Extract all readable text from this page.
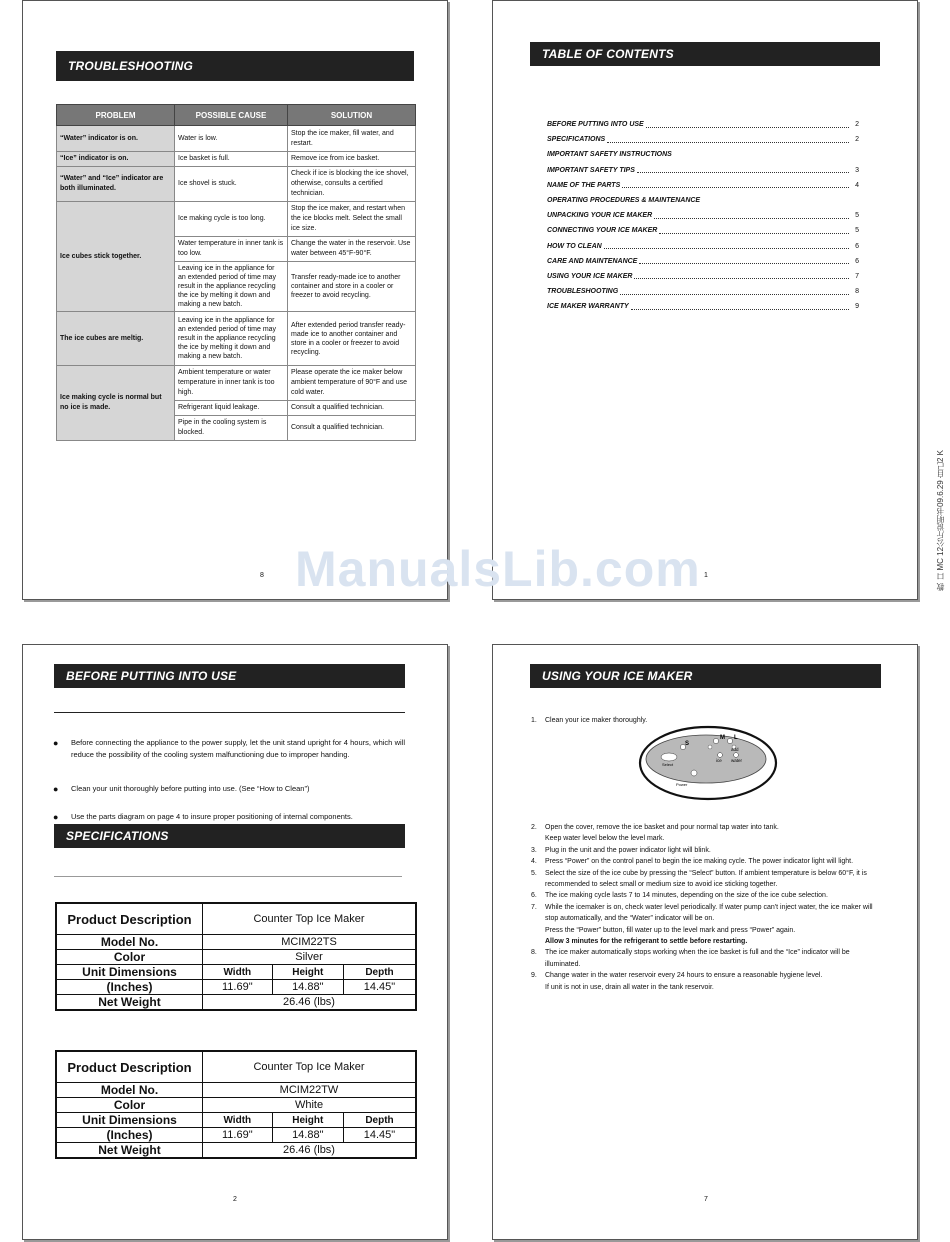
TROUBLESHOOTING
PROBLEM	POSSIBLE CAUSE	SOLUTION
“Water” indicator is on.	Water is low.	Stop the ice maker, fill water, and restart.
“Ice” indicator is on.	Ice basket is full.	Remove ice from ice basket.
“Water” and “Ice” indicator are both illuminated.	Ice shovel is stuck.	Check if ice is blocking the ice shovel, otherwise, consults a certified technician.
Ice cubes stick together.	Ice making cycle is too long.	Stop the ice maker, and restart when the ice blocks melt. Select the small ice size.
	Water temperature in inner tank is too low.	Change the water in the reservoir. Use water between 45°F-90°F.
	Leaving ice in the appliance for an extended period of time may result in the appliance recycling the ice by melting it down and making a new batch.	Transfer ready-made ice to another container and store in a cooler or freezer to avoid recycling.
The ice cubes are meltig.	Leaving ice in the appliance for an extended period of time may result in the appliance recycling the ice by melting it down and making a new batch.	After extended period transfer ready-made ice to another container and store in a cooler or freezer to avoid recycling.
Ice making cycle is normal but no ice is made.	Ambient temperature or water temperature in inner tank is too high.	Please operate the ice maker below ambient temperature of 90°F and use cold water.
	Refrigerant liquid leakage.	Consult a qualified technician.
	Pipe in the cooling system is blocked.	Consult a qualified technician.
8
TABLE OF CONTENTS
BEFORE PUTTING INTO USE	2
SPECIFICATIONS	2
IMPORTANT SAFETY INSTRUCTIONS
IMPORTANT SAFETY TIPS	3
NAME OF THE PARTS	4
OPERATING PROCEDURES & MAINTENANCE
UNPACKING YOUR ICE MAKER	5
CONNECTING YOUR ICE MAKER	5
HOW TO CLEAN	6
CARE AND MAINTENANCE	6
USING YOUR ICE MAKER	7
TROUBLESHOOTING	8
ICE MAKER WARRANTY	9
1
BEFORE PUTTING INTO USE
● Before connecting the appliance to the power supply, let the unit stand upright for 4 hours, which will reduce the possibility of the cooling system malfunctioning due to improper handing.
● Clean your unit thoroughly before putting into use. (See “How to Clean”)
● Use the parts diagram on page 4 to insure proper positioning of internal components.
SPECIFICATIONS
Product Description	Counter Top Ice Maker		
Model No.	MCIM22TS		
Color	Silver		
Unit Dimensions	Width	Height	Depth
(Inches)	11.69"	14.88"	14.45"
Net Weight	26.46 (lbs)		
Product Description	Counter Top Ice Maker		
Model No.	MCIM22TW		
Color	White		
Unit Dimensions	Width	Height	Depth
(Inches)	11.69"	14.88"	14.45"
Net Weight	26.46 (lbs)		
2
USING YOUR ICE MAKER
1. Clean your ice maker thoroughly.
S
M L
add
ice water
Select
Power
2. Open the cover, remove the ice basket and pour normal tap water into tank.
Keep water level below the level mark.
3. Plug in the unit and the power indicator light will blink.
4. Press “Power” on the control panel to begin the ice making cycle. The power indicator light will light.
5. Select the size of the ice cube by pressing the “Select” button. If ambient temperature is below 60°F, it is recommended to select small or medium size to avoid ice sticking together.
6. The ice making cycle lasts 7 to 14 minutes, depending on the size of the ice cube selection.
7. While the icemaker is on, check water level periodically. If water pump can't inject water, the ice maker will stop automatically, and the “Water” indicator will be on.
Press the “Power” button, fill water up to the level mark and press “Power” again.
Allow 3 minutes for the refrigerant to settle before restarting.
8. The ice maker automatically stops working when the ice basket is full and the “Ice” indicator will be illuminated.
9. Change water in the water reservoir every 24 hours to ensure a reasonable hygiene level.
If unit is not in use, drain all water in the tank reservoir.
7
ManualsLib.com	教 口 MC 12公斤说明书09.6.29 自己2 K
